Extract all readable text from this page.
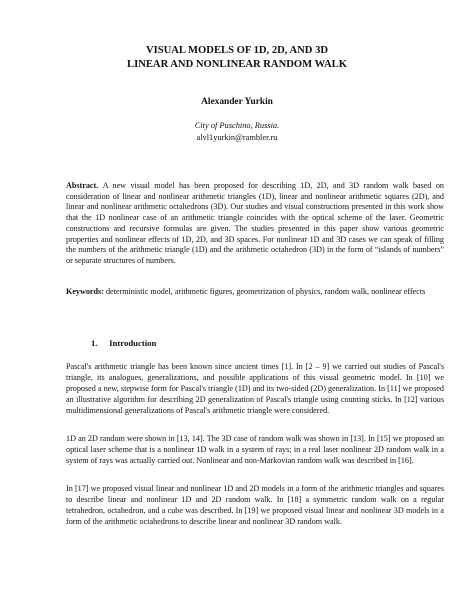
VISUAL MODELS OF 1D, 2D, AND 3D
LINEAR AND NONLINEAR RANDOM WALK
Alexander Yurkin
City of Puschino, Russia.
alvl1yurkin@rambler.ru
Abstract. A new visual model has been proposed for describing 1D, 2D, and 3D random walk based on consideration of linear and nonlinear arithmetic triangles (1D), linear and nonlinear arithmetic squares (2D), and linear and nonlinear arithmetic octahedrons (3D). Our studies and visual constructions presented in this work show that the 1D nonlinear case of an arithmetic triangle coincides with the optical scheme of the laser. Geometric constructions and recursive formulas are given. The studies presented in this paper show various geometric properties and nonlinear effects of 1D, 2D, and 3D spaces. For nonlinear 1D and 3D cases we can speak of filling the numbers of the arithmetic triangle (1D) and the arithmetic octahedron (3D) in the form of “islands of numbers” or separate structures of numbers.
Keywords: deterministic model, arithmetic figures, geometrization of physics, random walk, nonlinear effects
1. Introduction
Pascal's arithmetic triangle has been known since ancient times [1]. In [2 – 9] we carried out studies of Pascal's triangle, its analogues, generalizations, and possible applications of this visual geometric model. In [10] we proposed a new, stepwise form for Pascal's triangle (1D) and its two-sided (2D) generalization. In [11] we proposed an illustrative algorithm for describing 2D generalization of Pascal's triangle using counting sticks. In [12] various multidimensional generalizations of Pascal's arithmetic triangle were considered.
1D an 2D random were shown in [13, 14]. The 3D case of random walk was shown in [13]. In [15] we proposed an optical laser scheme that is a nonlinear 1D walk in a system of rays; in a real laser nonlinear 2D random walk in a system of rays was actually carried out. Nonlinear and non-Markovian random walk was described in [16].
In [17] we proposed visual linear and nonlinear 1D and 2D models in a form of the arithmetic triangles and squares to describe linear and nonlinear 1D and 2D random walk. In [18] a symmetric random walk on a regular tetrahedron, octahedron, and a cube was described. In [19] we proposed visual linear and nonlinear 3D models in a form of the arithmetic octahedrons to describe linear and nonlinear 3D random walk.
